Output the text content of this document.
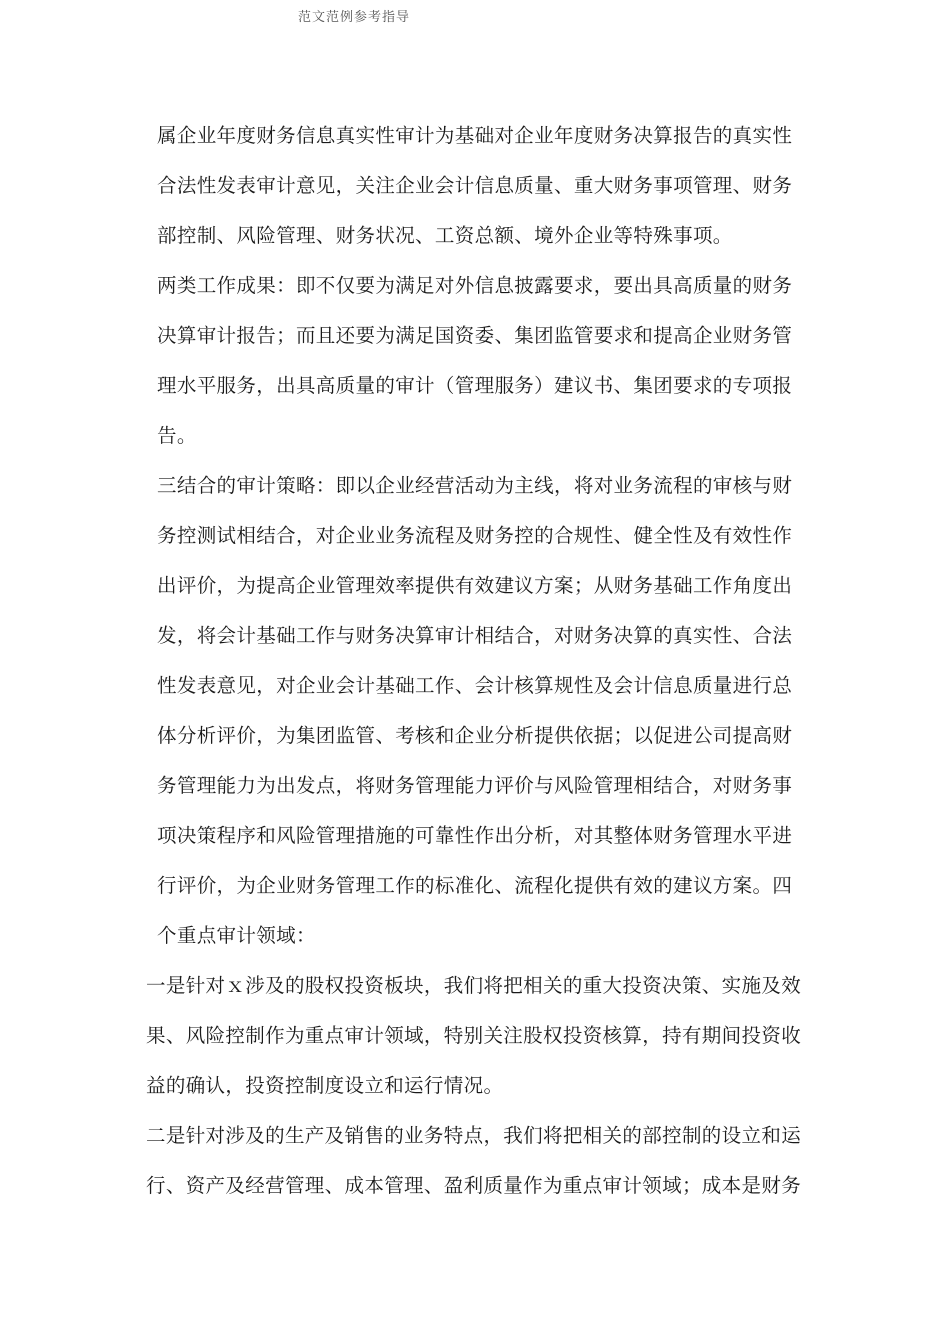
范文范例参考指导
属企业年度财务信息真实性审计为基础对企业年度财务决算报告的真实性
合法性发表审计意见，关注企业会计信息质量、重大财务事项管理、财务
部控制、风险管理、财务状况、工资总额、境外企业等特殊事项。
两类工作成果：即不仅要为满足对外信息披露要求，要出具高质量的财务
决算审计报告；而且还要为满足国资委、集团监管要求和提高企业财务管
理水平服务，出具高质量的审计（管理服务）建议书、集团要求的专项报
告。
三结合的审计策略：即以企业经营活动为主线，将对业务流程的审核与财
务控测试相结合，对企业业务流程及财务控的合规性、健全性及有效性作
出评价，为提高企业管理效率提供有效建议方案；从财务基础工作角度出
发，将会计基础工作与财务决算审计相结合，对财务决算的真实性、合法
性发表意见，对企业会计基础工作、会计核算规性及会计信息质量进行总
体分析评价，为集团监管、考核和企业分析提供依据；以促进公司提高财
务管理能力为出发点，将财务管理能力评价与风险管理相结合，对财务事
项决策程序和风险管理措施的可靠性作出分析，对其整体财务管理水平进
行评价，为企业财务管理工作的标准化、流程化提供有效的建议方案。四
个重点审计领域：
一是针对ｘ涉及的股权投资板块，我们将把相关的重大投资决策、实施及效
果、风险控制作为重点审计领域，特别关注股权投资核算，持有期间投资收
益的确认，投资控制度设立和运行情况。
二是针对涉及的生产及销售的业务特点，我们将把相关的部控制的设立和运
行、资产及经营管理、成本管理、盈利质量作为重点审计领域；成本是财务
